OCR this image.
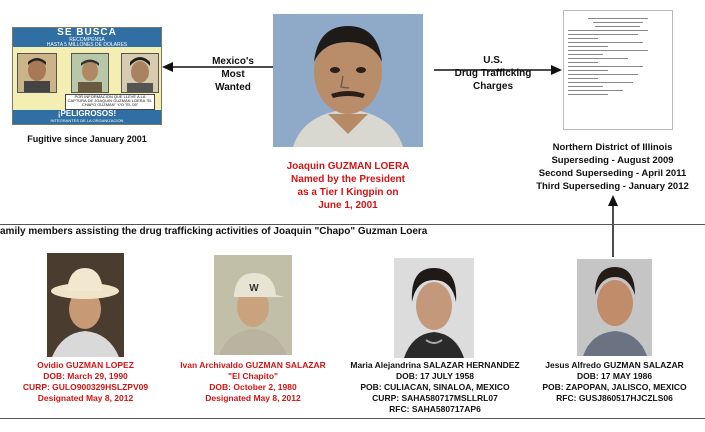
SE BUSCA
RECOMPENSA
HASTA 5 MILLONES DE DOLARES
POR INFORMACION QUE LLEVE A LA CAPTURA DE JOAQUIN GUZMAN LOERA "EL CHAPO GUZMAN" Y/O "EL 05"
¡PELIGROSOS!
INTEGRANTES DE LA ORGANIZACION
Mexico's
Most
Wanted
Fugitive since January 2001
Joaquin GUZMAN LOERA
Named by the President
as a Tier I Kingpin on
June 1, 2001
U.S.
Drug Trafficking
Charges
Northern District of Illinois
Superseding - August 2009
Second Superseding - April 2011
Third Superseding - January 2012
amily members assisting the drug trafficking activities of Joaquin "Chapo" Guzman Loera
Ovidio GUZMAN LOPEZ
DOB: March 29, 1990
CURP: GULO900329HSLZPV09
Designated May 8, 2012
W
Ivan Archivaldo GUZMAN SALAZAR
"El Chapito"
DOB: October 2, 1980
Designated May 8, 2012
Maria Alejandrina SALAZAR HERNANDEZ
DOB: 17 JULY 1958
POB: CULIACAN, SINALOA, MEXICO
CURP: SAHA580717MSLLRL07
RFC: SAHA580717AP6
Jesus Alfredo GUZMAN SALAZAR
DOB: 17 MAY 1986
POB: ZAPOPAN, JALISCO, MEXICO
RFC: GUSJ860517HJCZLS06
